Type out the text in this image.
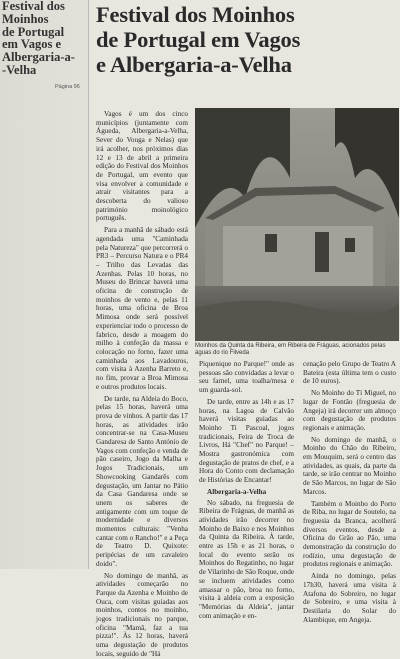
Festival dos
Moinhos
de Portugal
em Vagos e
Albergaria-a-
-Velha
Página 96
Festival dos Moinhos
de Portugal em Vagos
e Albergaria-a-Velha

Vagos é um dos cinco municípios (juntamente com Águeda, Albergaria-a-Velha, Sever do Vouga e Nelas) que irá acolher, nos próximos dias 12 e 13 de abril a primeira edição do Festival dos Moinhos de Portugal, um evento que visa envolver a comunidade e atrair visitantes para a descoberta do valioso património moinológico português.

Para a manhã de sábado está agendada uma "Caminhada pela Natureza" que percorrerá o PR3 – Percurso Natura e o PR4 – Trilho das Levadas das Azenhas. Pelas 10 horas, no Museu do Brincar haverá uma oficina de construção de moinhos de vento e, pelas 11 horas, uma oficina de Broa Mimosa onde será possível experienciar todo o processo de fabrico, desde a moagem do milho à confeção da massa e colocação no forno, fazer uma caminhada aos Lavadouros, com visita à Azenha Barreto e, no fim, provar a Broa Mimosa e outros produtos locais.

De tarde, na Aldeia do Boco, pelas 15 horas, haverá uma prova de vinhos. A partir das 17 horas, as atividades irão concentrar-se na Casa-Museu Gandaresa de Santo António de Vagos com confeção e venda de pão caseiro, Jogo da Malha e Jogos Tradicionais, um Showcooking Gandarês com degustação, um Jantar no Pátio da Casa Gandaresa onde se unem os saberes de antigamente com um toque de modernidade e diversos momentos culturais: "Venha cantar com o Rancho!" e a Peça de Teatro D. Quixote: peripécias de um cavaleiro doido".

No domingo de manhã, as atividades começarão no Parque da Azenha e Moinho de Ouca, com visitas guiadas aos moinhos, contos no moinho, jogos tradicionais no parque, oficina "Mamã, faz a tua pizza!". Às 12 horas, haverá uma degustação de produtos locais, seguido de "Há

Moinhos da Quinta da Ribeira, em Ribeira de Fráguas, acionados pelas águas do rio Filveda

Piquenique no Parque!" onde as pessoas são convidadas a levar o seu farnel, uma toalha/mesa e um guarda-sol.

De tarde, entre as 14h e as 17 horas, na Lagoa de Calvão haverá visitas guiadas ao Moinho Ti Pascoal, jogos tradicionais, Feira de Troca de Livros, Há "Chef" no Parque! – Mostra gastronómica com degustação de pratos de chef, e a Hora do Conto com declamação de Histórias de Encantar!

Albergaria-a-Velha

No sábado, na freguesia de Ribeira de Fráguas, de manhã as atividades irão decorrer no Moinho de Baixo e nos Moinhos da Quinta da Ribeira. À tarde, entre as 15h e as 21 horas, o local do evento serão os Moinhos do Regatinho, no lugar de Vilarinho de São Roque, onde se incluem atividades como amassar o pão, broa no forno, visita à aldeia com a exposição "Memórias da Aldeia", jantar com animação e en-

cenação pelo Grupo de Teatro A Bateira (esta última tem o custo de 10 euros).

No Moinho do Tí Miguel, no lugar de Fontão (freguesia de Angeja) irá decorrer um almoço com degustação de produtos regionais e animação.

No domingo de manhã, o Moinho do Chão do Ribeiro, em Mouquim, será o centro das atividades, as quais, da parte da tarde, se irão centrar no Moinho de São Marcos, no lugar de São Marcos.

Também o Moinho do Porto de Riba, no lugar de Soutelo, na freguesia da Branca, acolherá diversos eventos, desde a Oficina do Grão ao Pão, uma demonstração da construção do rodízio, uma degustação de produtos regionais e animação.

Ainda no domingo, pelas 17h30, haverá uma visita à Atafona do Sobreiro, no lugar de Sobreiro, e uma visita à Destilaria do Solar do Alambique, em Angeja.
